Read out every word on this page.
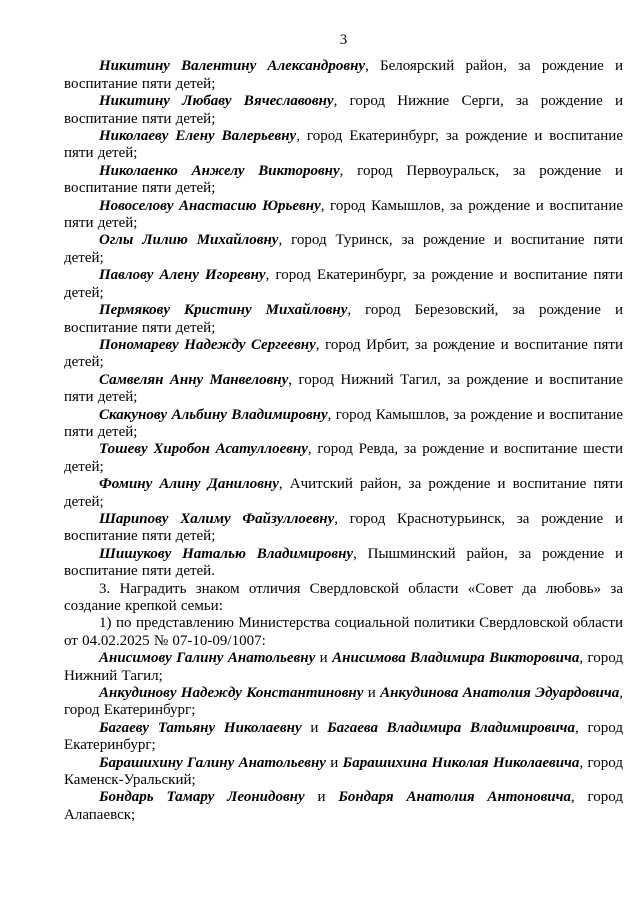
3

Никитину Валентину Александровну, Белоярский район, за рождение и воспитание пяти детей;

Никитину Любаву Вячеславовну, город Нижние Серги, за рождение и воспитание пяти детей;

Николаеву Елену Валерьевну, город Екатеринбург, за рождение и воспитание пяти детей;

Николаенко Анжелу Викторовну, город Первоуральск, за рождение и воспитание пяти детей;

Новоселову Анастасию Юрьевну, город Камышлов, за рождение и воспитание пяти детей;

Оглы Лилию Михайловну, город Туринск, за рождение и воспитание пяти детей;

Павлову Алену Игоревну, город Екатеринбург, за рождение и воспитание пяти детей;

Пермякову Кристину Михайловну, город Березовский, за рождение и воспитание пяти детей;

Пономареву Надежду Сергеевну, город Ирбит, за рождение и воспитание пяти детей;

Самвелян Анну Манвеловну, город Нижний Тагил, за рождение и воспитание пяти детей;

Скакунову Альбину Владимировну, город Камышлов, за рождение и воспитание пяти детей;

Тошеву Хиробон Асатуллоевну, город Ревда, за рождение и воспитание шести детей;

Фомину Алину Даниловну, Ачитский район, за рождение и воспитание пяти детей;

Шарипову Халиму Файзуллоевну, город Краснотурьинск, за рождение и воспитание пяти детей;

Шишукову Наталью Владимировну, Пышминский район, за рождение и воспитание пяти детей.

3. Наградить знаком отличия Свердловской области «Совет да любовь» за создание крепкой семьи:

1) по представлению Министерства социальной политики Свердловской области от 04.02.2025 № 07-10-09/1007:

Анисимову Галину Анатольевну и Анисимова Владимира Викторовича, город Нижний Тагил;

Анкудинову Надежду Константиновну и Анкудинова Анатолия Эдуардовича, город Екатеринбург;

Багаеву Татьяну Николаевну и Багаева Владимира Владимировича, город Екатеринбург;

Барашихину Галину Анатольевну и Барашихина Николая Николаевича, город Каменск-Уральский;

Бондарь Тамару Леонидовну и Бондаря Анатолия Антоновича, город Алапаевск;
